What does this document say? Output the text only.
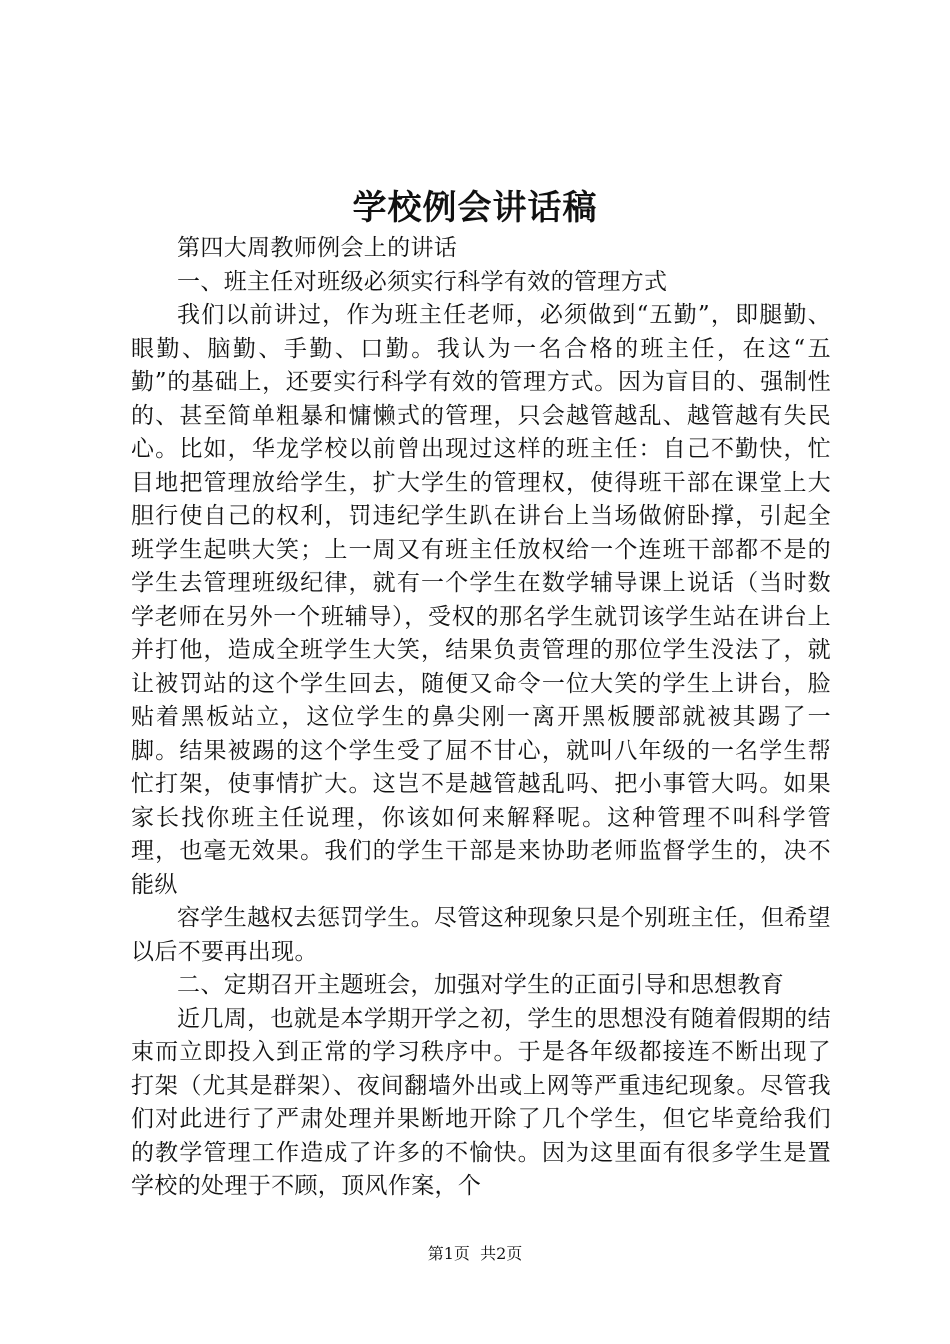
学校例会讲话稿

第四大周教师例会上的讲话

一、班主任对班级必须实行科学有效的管理方式

我们以前讲过，作为班主任老师，必须做到“五勤”，即腿勤、眼勤、脑勤、手勤、口勤。我认为一名合格的班主任，在这“五勤”的基础上，还要实行科学有效的管理方式。因为盲目的、强制性的、甚至简单粗暴和慵懒式的管理，只会越管越乱、越管越有失民心。比如，华龙学校以前曾出现过这样的班主任：自己不勤快，忙目地把管理放给学生，扩大学生的管理权，使得班干部在课堂上大胆行使自己的权利，罚违纪学生趴在讲台上当场做俯卧撑，引起全班学生起哄大笑；上一周又有班主任放权给一个连班干部都不是的学生去管理班级纪律，就有一个学生在数学辅导课上说话（当时数学老师在另外一个班辅导），受权的那名学生就罚该学生站在讲台上并打他，造成全班学生大笑，结果负责管理的那位学生没法了，就让被罚站的这个学生回去，随便又命令一位大笑的学生上讲台，脸贴着黑板站立，这位学生的鼻尖刚一离开黑板腰部就被其踢了一脚。结果被踢的这个学生受了屈不甘心，就叫八年级的一名学生帮忙打架，使事情扩大。这岂不是越管越乱吗、把小事管大吗。如果家长找你班主任说理，你该如何来解释呢。这种管理不叫科学管理，也毫无效果。我们的学生干部是来协助老师监督学生的，决不能纵

容学生越权去惩罚学生。尽管这种现象只是个别班主任，但希望以后不要再出现。

二、定期召开主题班会，加强对学生的正面引导和思想教育

近几周，也就是本学期开学之初，学生的思想没有随着假期的结束而立即投入到正常的学习秩序中。于是各年级都接连不断出现了打架（尤其是群架）、夜间翻墙外出或上网等严重违纪现象。尽管我们对此进行了严肃处理并果断地开除了几个学生，但它毕竟给我们的教学管理工作造成了许多的不愉快。因为这里面有很多学生是置学校的处理于不顾，顶风作案，个

第1页  共2页
